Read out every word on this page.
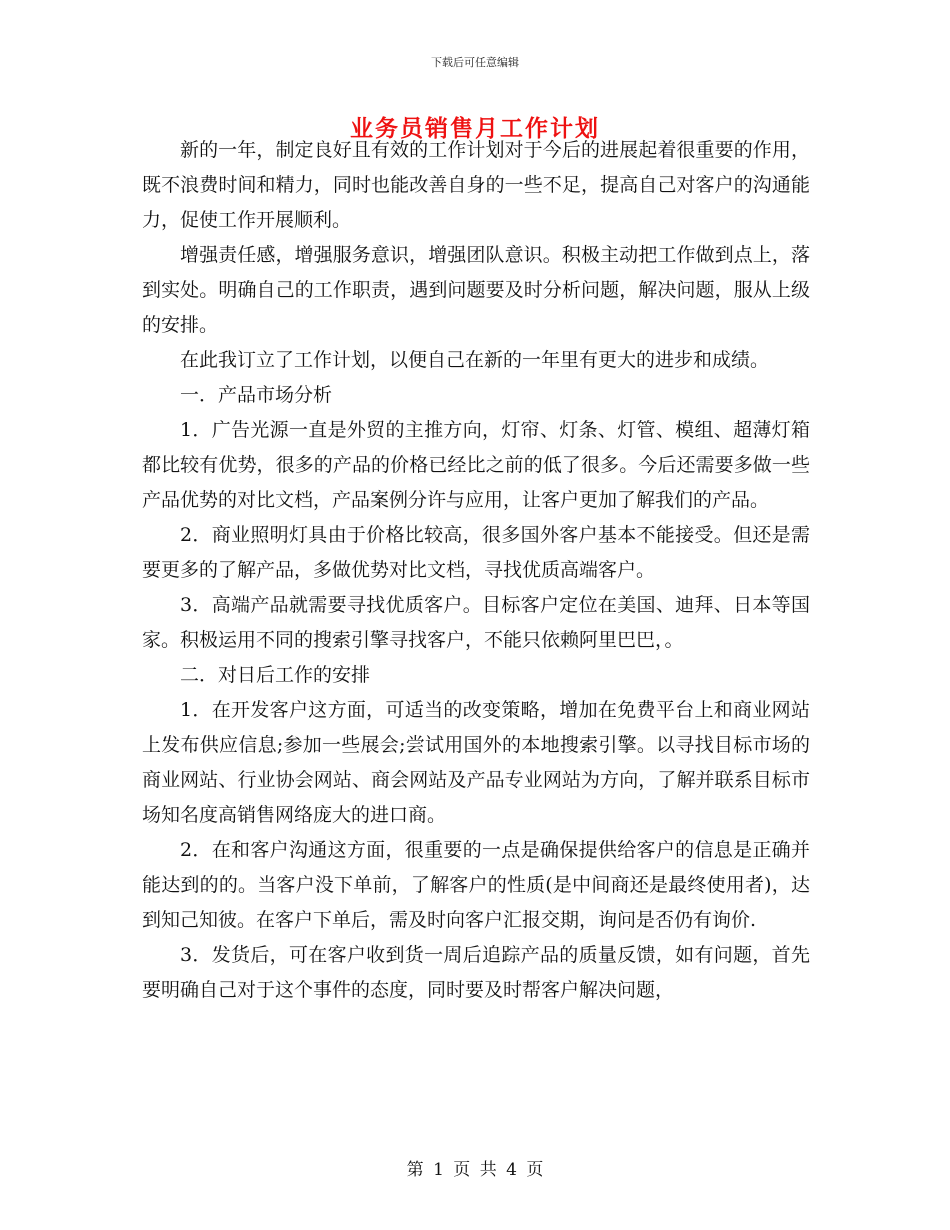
下载后可任意编辑
业务员销售月工作计划

新的一年，制定良好且有效的工作计划对于今后的进展起着很重要的作用，既不浪费时间和精力，同时也能改善自身的一些不足，提高自己对客户的沟通能力，促使工作开展顺利。

增强责任感，增强服务意识，增强团队意识。积极主动把工作做到点上，落到实处。明确自己的工作职责，遇到问题要及时分析问题，解决问题，服从上级的安排。

在此我订立了工作计划，以便自己在新的一年里有更大的进步和成绩。

一．产品市场分析

1．广告光源一直是外贸的主推方向，灯帘、灯条、灯管、模组、超薄灯箱都比较有优势，很多的产品的价格已经比之前的低了很多。今后还需要多做一些产品优势的对比文档，产品案例分许与应用，让客户更加了解我们的产品。

2．商业照明灯具由于价格比较高，很多国外客户基本不能接受。但还是需要更多的了解产品，多做优势对比文档，寻找优质高端客户。

3．高端产品就需要寻找优质客户。目标客户定位在美国、迪拜、日本等国家。积极运用不同的搜索引擎寻找客户，不能只依赖阿里巴巴，。

二．对日后工作的安排

1．在开发客户这方面，可适当的改变策略，增加在免费平台上和商业网站上发布供应信息;参加一些展会;尝试用国外的本地搜索引擎。以寻找目标市场的商业网站、行业协会网站、商会网站及产品专业网站为方向，了解并联系目标市场知名度高销售网络庞大的进口商。

2．在和客户沟通这方面，很重要的一点是确保提供给客户的信息是正确并能达到的的。当客户没下单前，了解客户的性质(是中间商还是最终使用者)，达到知己知彼。在客户下单后，需及时向客户汇报交期，询问是否仍有询价.

3．发货后，可在客户收到货一周后追踪产品的质量反馈，如有问题，首先要明确自己对于这个事件的态度，同时要及时帮客户解决问题，

第 1 页 共 4 页
